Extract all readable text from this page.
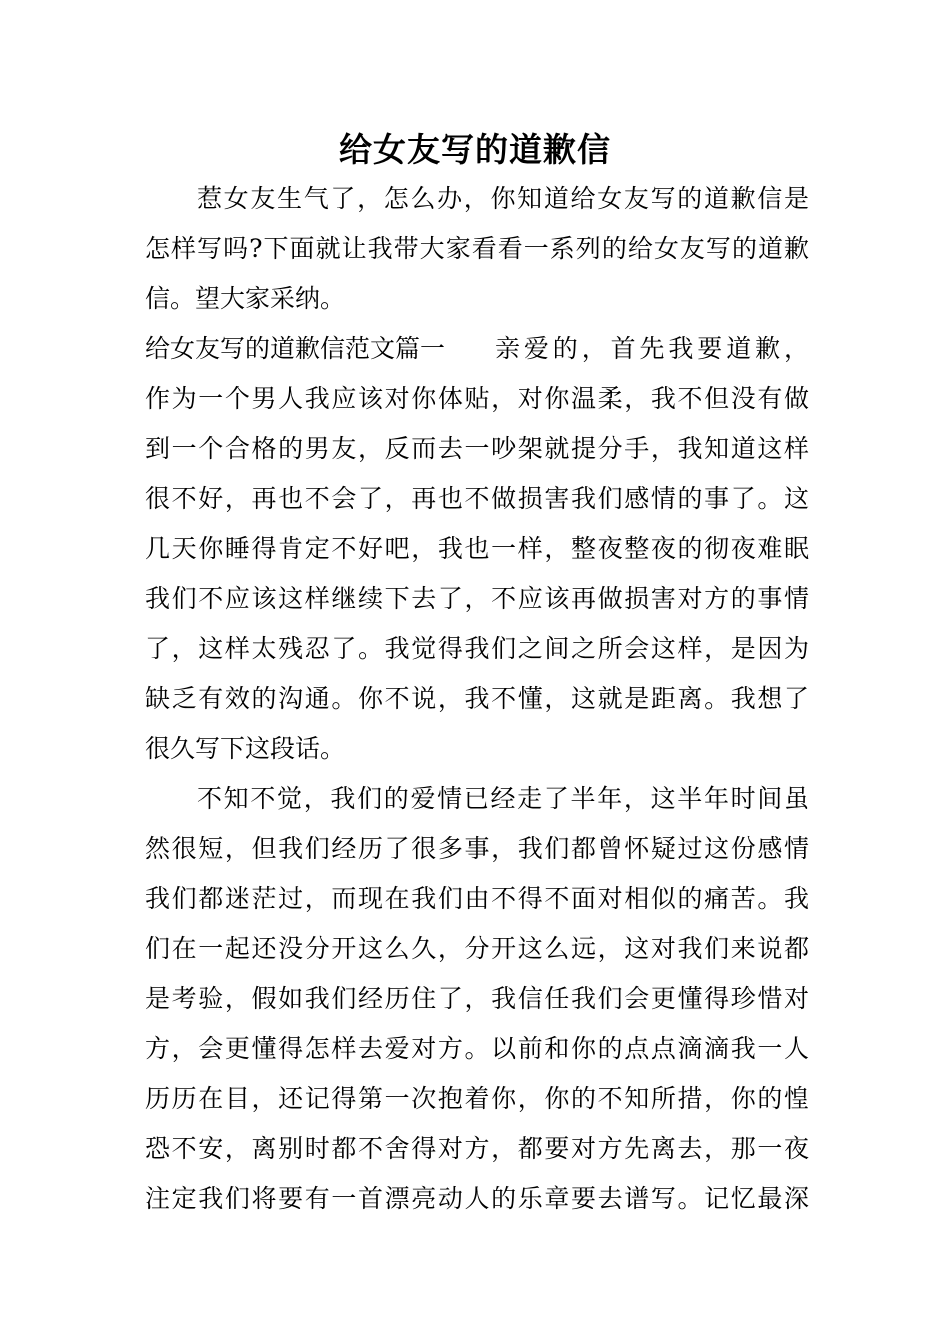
给女友写的道歉信
惹女友生气了，怎么办，你知道给女友写的道歉信是
怎样写吗?下面就让我带大家看看一系列的给女友写的道歉
信。望大家采纳。
给女友写的道歉信范文篇一 亲爱的，首先我要道歉，
作为一个男人我应该对你体贴，对你温柔，我不但没有做
到一个合格的男友，反而去一吵架就提分手，我知道这样
很不好，再也不会了，再也不做损害我们感情的事了。这
几天你睡得肯定不好吧，我也一样，整夜整夜的彻夜难眠
我们不应该这样继续下去了，不应该再做损害对方的事情
了，这样太残忍了。我觉得我们之间之所会这样，是因为
缺乏有效的沟通。你不说，我不懂，这就是距离。我想了
很久写下这段话。
不知不觉，我们的爱情已经走了半年，这半年时间虽
然很短，但我们经历了很多事，我们都曾怀疑过这份感情
我们都迷茫过，而现在我们由不得不面对相似的痛苦。我
们在一起还没分开这么久，分开这么远，这对我们来说都
是考验，假如我们经历住了，我信任我们会更懂得珍惜对
方，会更懂得怎样去爱对方。以前和你的点点滴滴我一人
历历在目，还记得第一次抱着你，你的不知所措，你的惶
恐不安，离别时都不舍得对方，都要对方先离去，那一夜
注定我们将要有一首漂亮动人的乐章要去谱写。记忆最深
